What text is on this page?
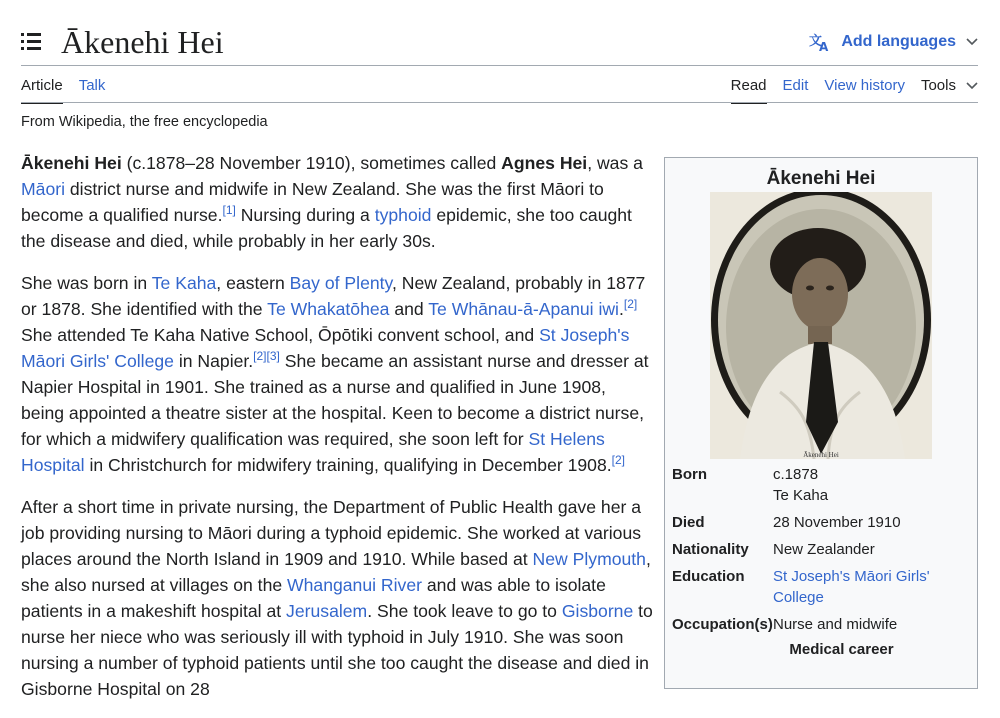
Ākenehi Hei	文
A Add languages
Article Talk	Read Edit View history Tools
From Wikipedia, the free encyclopedia

Ākenehi Hei (c.1878–28 November 1910), sometimes called Agnes Hei, was a Māori district nurse and midwife in New Zealand. She was the first Māori to become a qualified nurse.[1] Nursing during a typhoid epidemic, she too caught the disease and died, while probably in her early 30s.

She was born in Te Kaha, eastern Bay of Plenty, New Zealand, probably in 1877 or 1878. She identified with the Te Whakatōhea and Te Whānau-ā-Apanui iwi.[2] She attended Te Kaha Native School, Ōpōtiki convent school, and St Joseph's Māori Girls' College in Napier.[2][3] She became an assistant nurse and dresser at Napier Hospital in 1901. She trained as a nurse and qualified in June 1908, being appointed a theatre sister at the hospital. Keen to become a district nurse, for which a midwifery qualification was required, she soon left for St Helens Hospital in Christchurch for midwifery training, qualifying in December 1908.[2]

After a short time in private nursing, the Department of Public Health gave her a job providing nursing to Māori during a typhoid epidemic. She worked at various places around the North Island in 1909 and 1910. While based at New Plymouth, she also nursed at villages on the Whanganui River and was able to isolate patients in a makeshift hospital at Jerusalem. She took leave to go to Gisborne to nurse her niece who was seriously ill with typhoid in July 1910. She was soon nursing a number of typhoid patients until she too caught the disease and died in Gisborne Hospital on 28

Ākenehi Hei
Ākenehi Hei
Born	c.1878
Te Kaha
Died	28 November 1910
Nationality	New Zealander
Education	St Joseph's Māori Girls' College
Occupation(s) Nurse and midwife
Medical career
